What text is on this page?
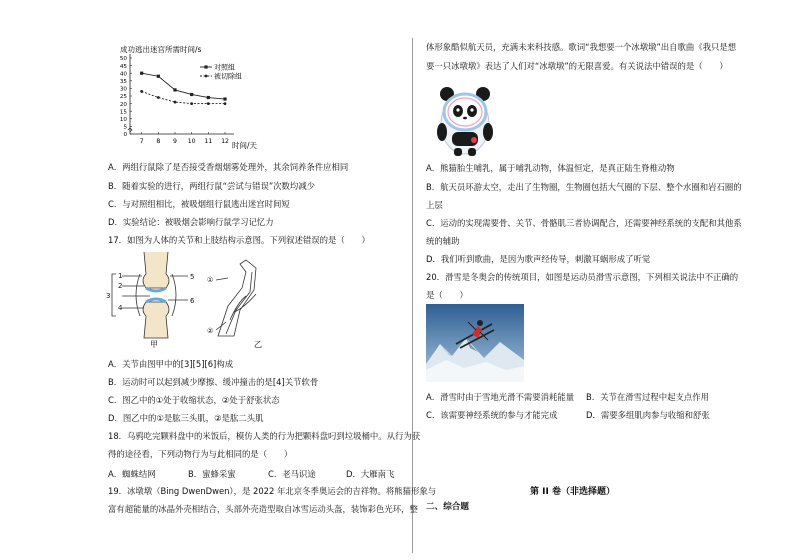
成功逃出迷宫所需时间/s
0
5
10
15
20
25
30
35
40
45
50
7 8 9 10 11 12
对照组
被切除组
时间/天
A．两组行鼠除了是否接受香烟烟雾处理外，其余饲养条件应相同
B．随着实验的进行，两组行鼠“尝试与错误”次数均减少
C．与对照组相比，被吸烟组行鼠逃出迷宫时间短
D．实验结论：被吸烟会影响行鼠学习记忆力
17．如图为人体的关节和上肢结构示意图。下列叙述错误的是（　　）
1
2
3
4
5
6
①
②
甲	乙
A．关节由图甲中的[3][5][6]构成
B．运动时可以起到减少摩擦、缓冲撞击的是[4]关节软骨
C．图乙中的①处于收缩状态，②处于舒张状态
D．图乙中的①是肱三头肌，②是肱二头肌
18．乌鸦吃完颗料盘中的米饭后，模仿人类的行为把颗料盘叼到垃圾桶中。从行为获
得的途径看，下列动物行为与此相同的是（　　）
A．蜘蛛结网	B．蜜蜂采蜜	C．老马识途	D．大雁南飞
19．冰墩墩（Bing DwenDwen），是 2022 年北京冬季奥运会的吉祥物。将熊猫形象与
富有超能量的冰晶外壳相结合，头部外壳造型取自冰雪运动头盔，装饰彩色光环，整
体形象酷似航天员，充满未来科技感。歌词“我想要一个冰墩墩”出自歌曲《我只是想
要一只冰墩墩》表达了人们对“冰墩墩”的无限喜爱。有关说法中错误的是（　　）
A．熊猫胎生哺乳，属于哺乳动物，体温恒定，是真正陆生脊椎动物
B．航天员环游太空，走出了生物圈，生物圈包括大气圈的下层、整个水圈和岩石圈的
上层
C．运动的实现需要骨、关节、骨骼肌三者协调配合，还需要神经系统的支配和其他系
统的辅助
D．我们听到歌曲，是因为歌声经传导，刺激耳蜗形成了听觉
20．滑雪是冬奥会的传统项目，如图是运动员滑雪示意图，下列相关说法中不正确的
是（　　）
A．滑雪时由于雪地光滑不需要消耗能量 B．关节在滑雪过程中起支点作用
C．该需要神经系统的参与才能完成	D．需要多组肌肉参与收缩和舒张
第 II 卷（非选择题）
二、综合题
